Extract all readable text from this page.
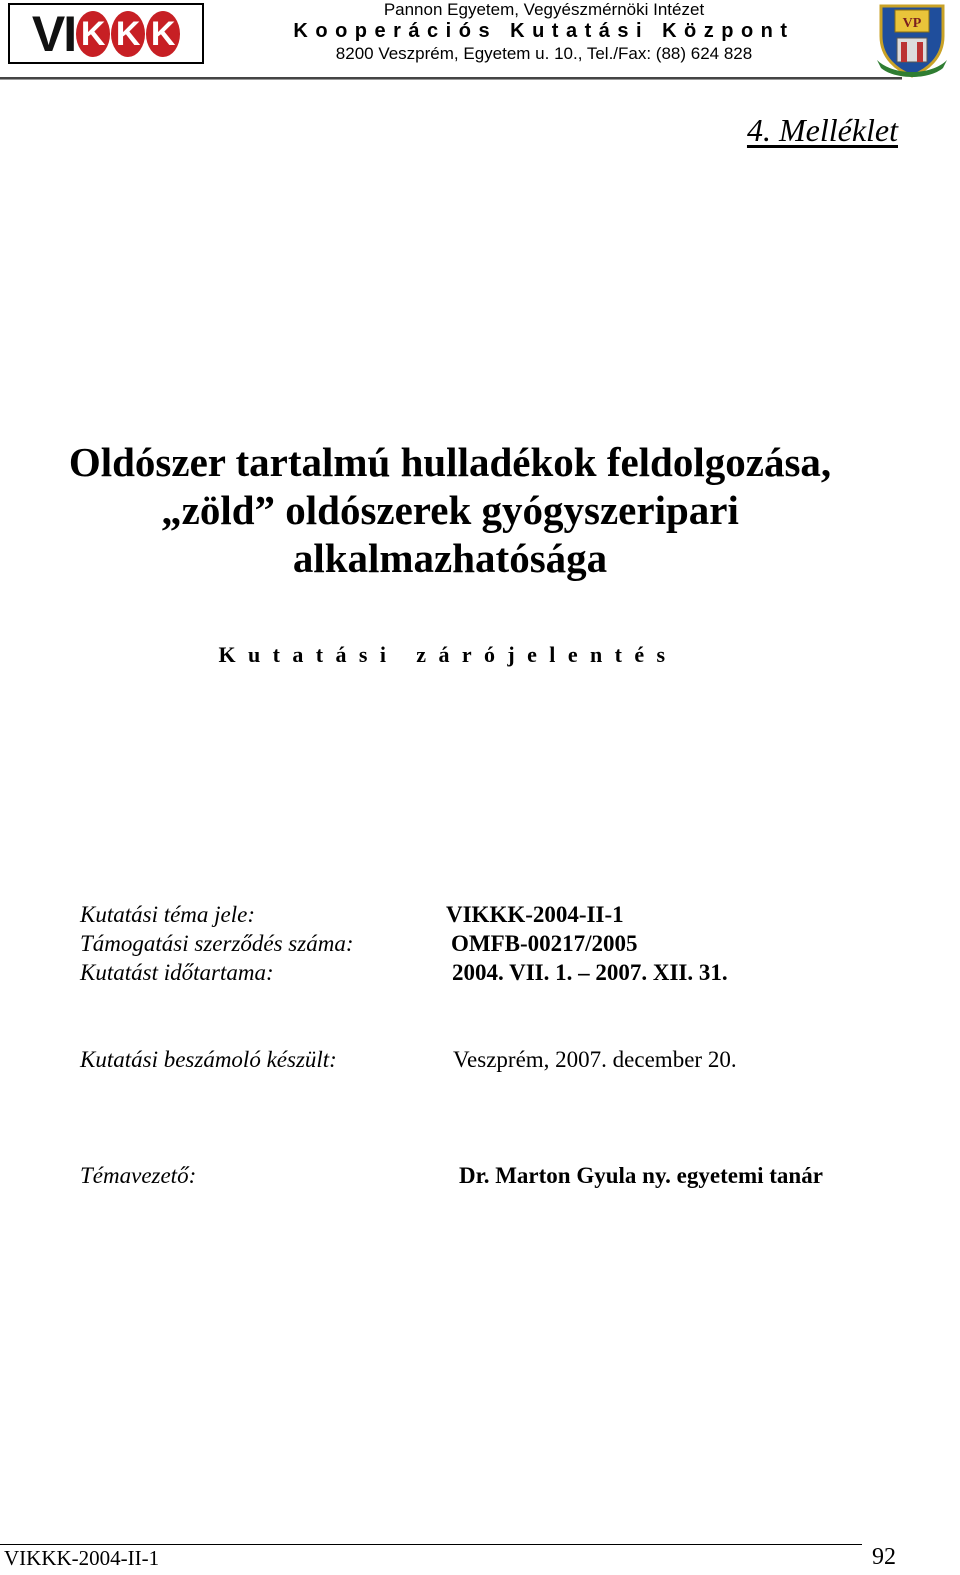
VI K K K
Pannon Egyetem, Vegyészmérnöki Intézet
Kooperációs Kutatási Központ
8200 Veszprém, Egyetem u. 10., Tel./Fax: (88) 624 828
VP
4. Melléklet
Oldószer tartalmú hulladékok feldolgozása,
„zöld” oldószerek gyógyszeripari
alkalmazhatósága
Kutatási zárójelentés
Kutatási téma jele:	VIKKK-2004-II-1
Támogatási szerződés száma:	OMFB-00217/2005
Kutatást időtartama:	2004. VII. 1. – 2007. XII. 31.
Kutatási beszámoló készült:	Veszprém, 2007. december 20.
Témavezető:	Dr. Marton Gyula ny. egyetemi tanár
VIKKK-2004-II-1	92
